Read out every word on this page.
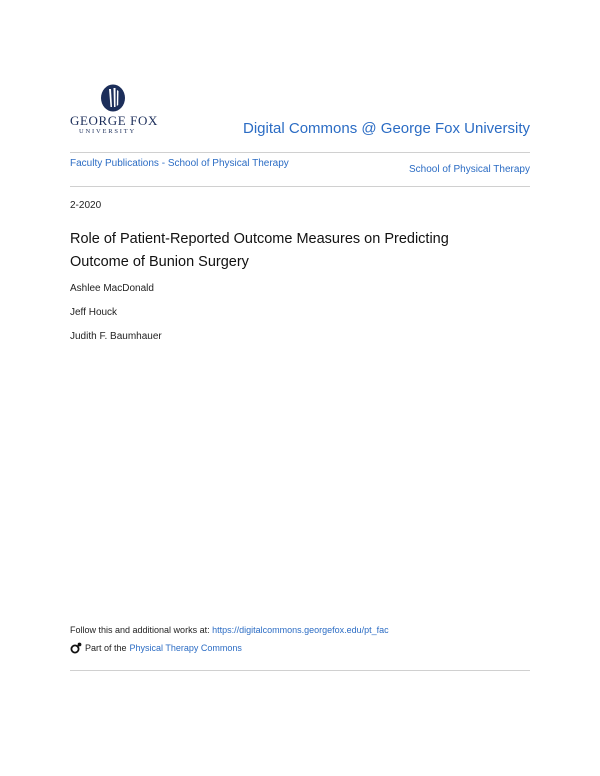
GEORGE FOX
UNIVERSITY	Digital Commons @ George Fox University
Faculty Publications - School of Physical Therapy
School of Physical Therapy
2-2020
Role of Patient-Reported Outcome Measures on Predicting Outcome of Bunion Surgery
Ashlee MacDonald
Jeff Houck
Judith F. Baumhauer
Follow this and additional works at: https://digitalcommons.georgefox.edu/pt_fac
Part of the Physical Therapy Commons
